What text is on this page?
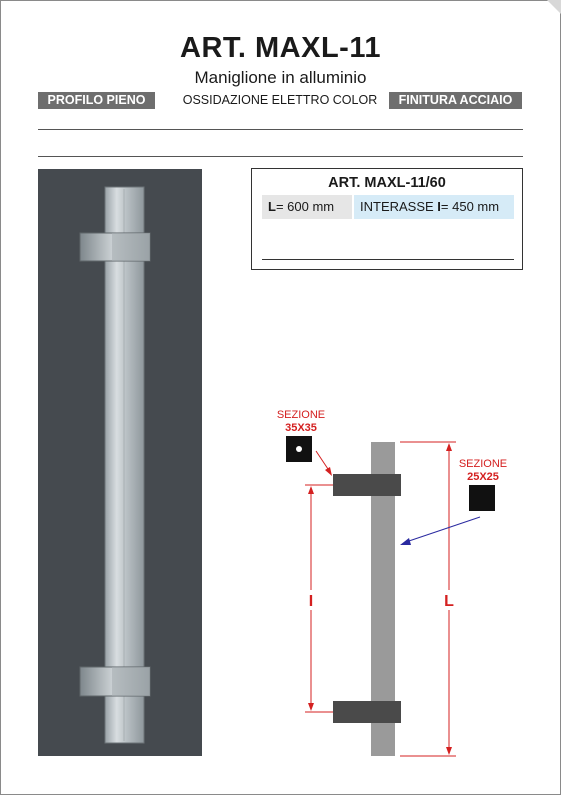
ART. MAXL-11
Maniglione in alluminio
PROFILO PIENO	OSSIDAZIONE ELETTRO COLOR	FINITURA ACCIAIO
ART. MAXL-11/60
L= 600 mm	INTERASSE I= 450 mm
I	L
SEZIONE
35X35
SEZIONE
25X25
